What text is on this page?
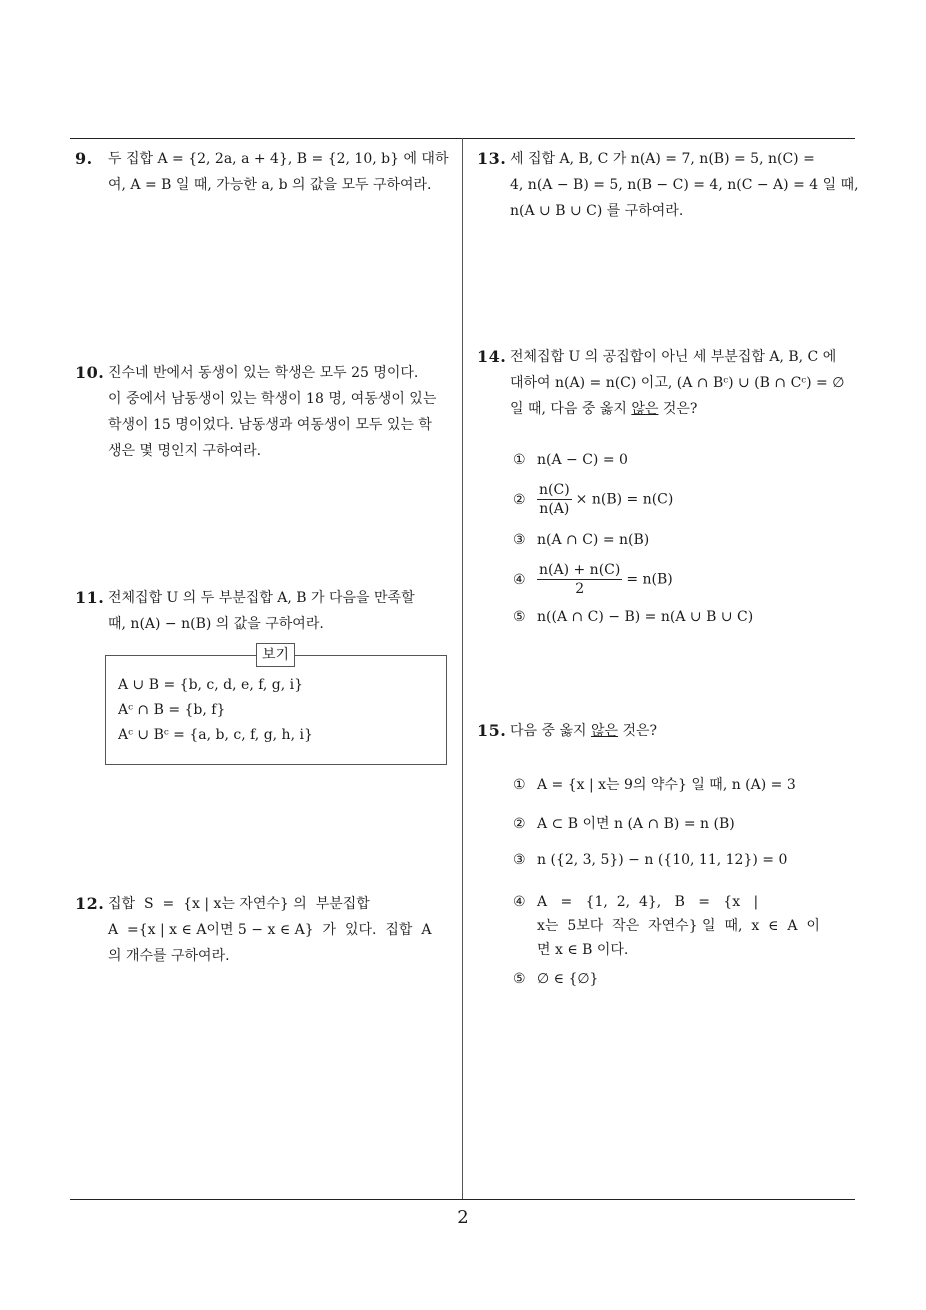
9. 두 집합 A = {2, 2a, a + 4}, B = {2, 10, b} 에 대하
여, A = B 일 때, 가능한 a, b 의 값을 모두 구하여라.
10. 진수네 반에서 동생이 있는 학생은 모두 25 명이다.
이 중에서 남동생이 있는 학생이 18 명, 여동생이 있는
학생이 15 명이었다. 남동생과 여동생이 모두 있는 학
생은 몇 명인지 구하여라.
11. 전체집합 U 의 두 부분집합 A, B 가 다음을 만족할
때, n(A) − n(B) 의 값을 구하여라.
보기
A ∪ B = {b, c, d, e, f, g, i}
Aᶜ ∩ B = {b, f}
Aᶜ ∪ Bᶜ = {a, b, c, f, g, h, i}
12. 집합  S  =  {x | x는 자연수} 의  부분집합
A  ={x | x ∈ A이면 5 − x ∈ A}  가  있다.  집합  A
의 개수를 구하여라.
13. 세 집합 A, B, C 가 n(A) = 7, n(B) = 5, n(C) =
4, n(A − B) = 5, n(B − C) = 4, n(C − A) = 4 일 때,
n(A ∪ B ∪ C) 를 구하여라.
14. 전체집합 U 의 공집합이 아닌 세 부분집합 A, B, C 에
대하여 n(A) = n(C) 이고, (A ∩ Bᶜ) ∪ (B ∩ Cᶜ) = ∅
일 때, 다음 중 옳지 않은 것은?
① n(A − C) = 0
② $\frac{n(C)}{n(A)} \times n(B) = n(C)$
③ n(A ∩ C) = n(B)
④ $\frac{n(A) + n(C)}{2} = n(B)$
⑤ n((A ∩ C) − B) = n(A ∪ B ∪ C)
15. 다음 중 옳지 않은 것은?
① A = {x | x는 9의 약수} 일 때, n (A) = 3
② A ⊂ B 이면 n (A ∩ B) = n (B)
③ n ({2, 3, 5}) − n ({10, 11, 12}) = 0
④ A   =   {1,  2,  4},   B   =   {x   |
x는  5보다  작은  자연수} 일  때,  x  ∈  A  이
면 x ∈ B 이다.
⑤ ∅ ∈ {∅}
2
